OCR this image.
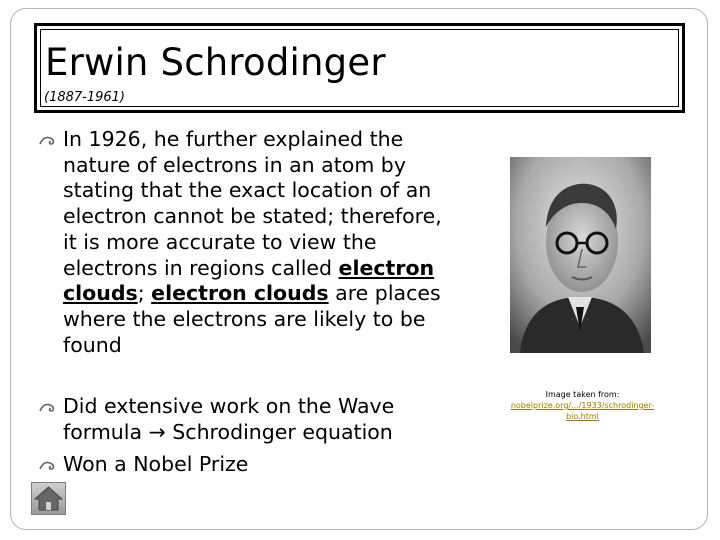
Erwin Schrodinger
(1887-1961)
In 1926, he further explained the nature of electrons in an atom by stating that the exact location of an electron cannot be stated; therefore, it is more accurate to view the electrons in regions called electron clouds; electron clouds are places where the electrons are likely to be found
Did extensive work on the Wave formula → Schrodinger equation
Won a Nobel Prize
Image taken from:
nobelprize.org/.../1933/schrodinger-bio.html
